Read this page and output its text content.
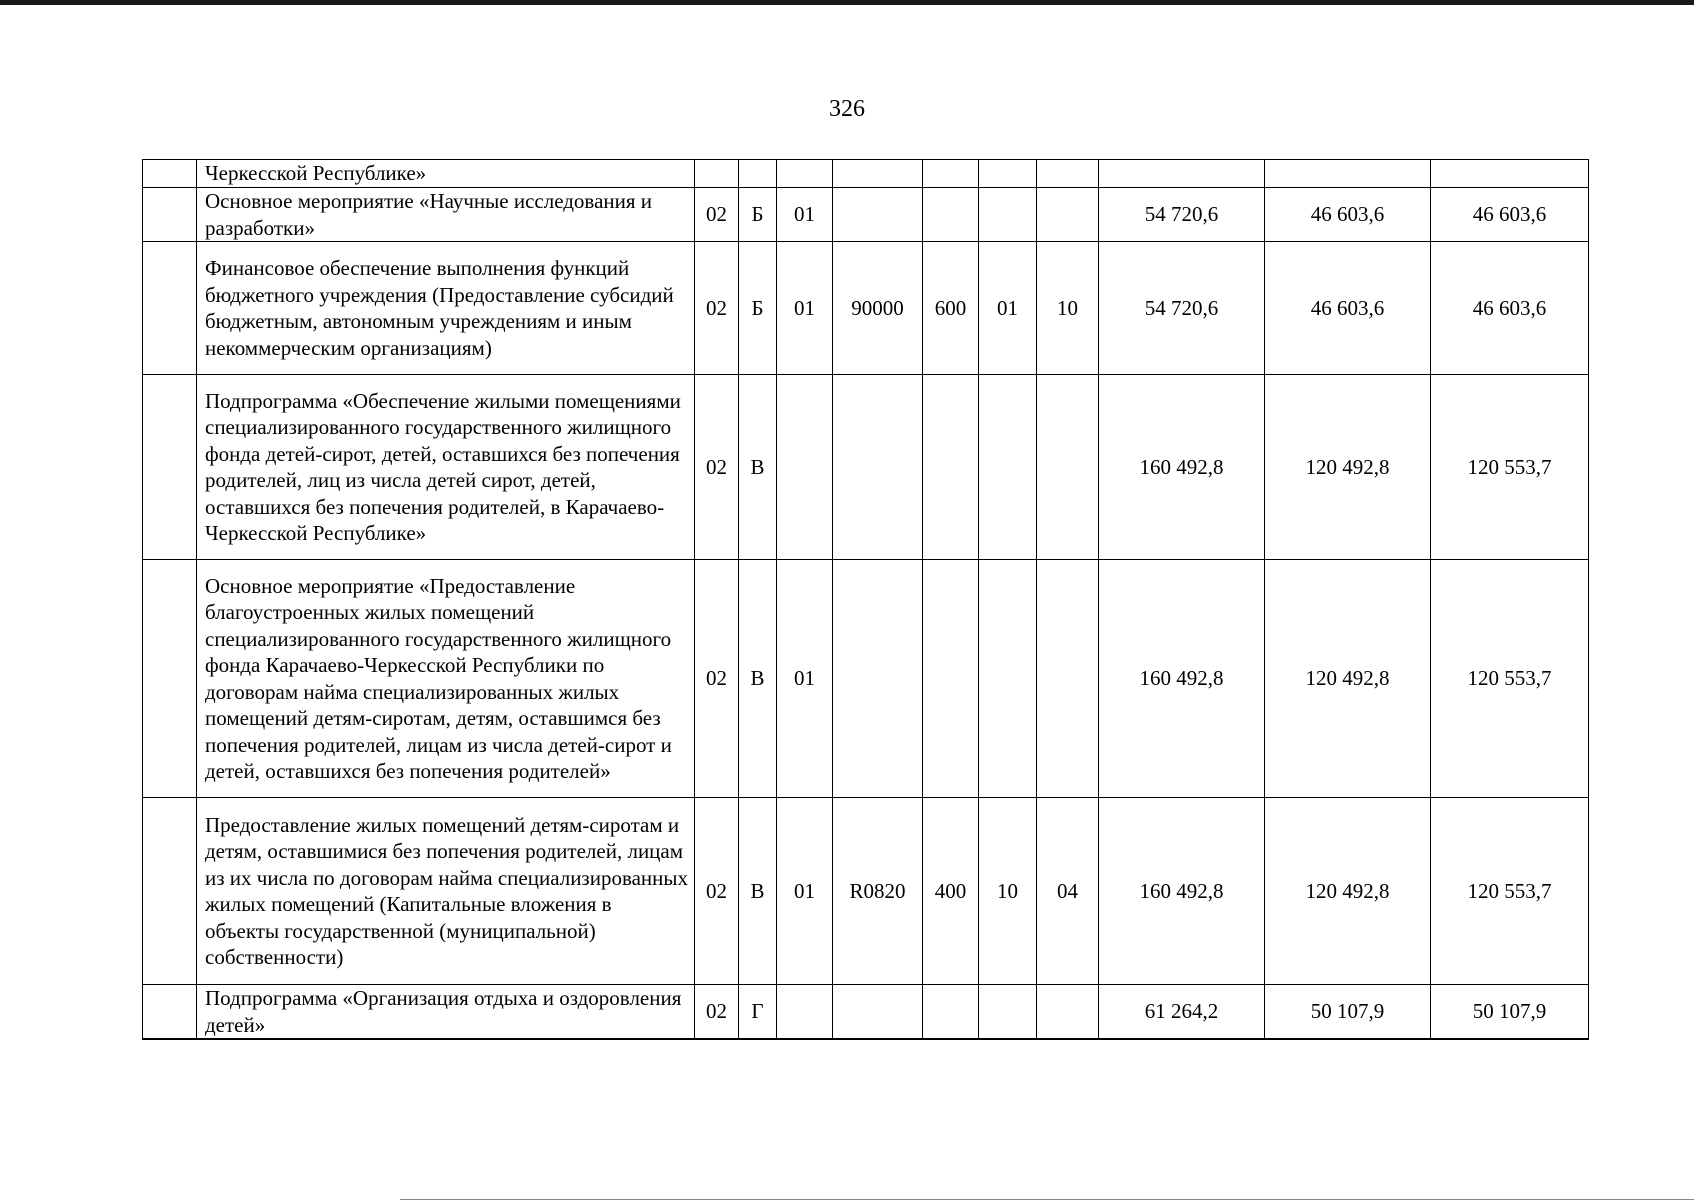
326
	Черкесской Республике»										
	Основное мероприятие «Научные исследования и разработки»	02	Б	01					54 720,6	46 603,6	46 603,6
	Финансовое обеспечение выполнения функций бюджетного учреждения (Предоставление субсидий бюджетным, автономным учреждениям и иным некоммерческим организациям)	02	Б	01	90000	600	01	10	54 720,6	46 603,6	46 603,6
	Подпрограмма «Обеспечение жилыми помещениями специализированного государственного жилищного фонда детей-сирот, детей, оставшихся без попечения родителей, лиц из числа детей сирот, детей, оставшихся без попечения родителей, в Карачаево-Черкесской Республике»	02	В						160 492,8	120 492,8	120 553,7
	Основное мероприятие «Предоставление благоустроенных жилых помещений специализированного государственного жилищного фонда Карачаево-Черкесской Республики по договорам найма специализированных жилых помещений детям-сиротам, детям, оставшимся без попечения родителей, лицам из числа детей-сирот и детей, оставшихся без попечения родителей»	02	В	01					160 492,8	120 492,8	120 553,7
	Предоставление жилых помещений детям-сиротам и детям, оставшимися без попечения родителей, лицам из их числа по договорам найма специализированных жилых помещений (Капитальные вложения в объекты государственной (муниципальной) собственности)	02	В	01	R0820	400	10	04	160 492,8	120 492,8	120 553,7
	Подпрограмма «Организация отдыха и оздоровления детей»	02	Г						61 264,2	50 107,9	50 107,9
